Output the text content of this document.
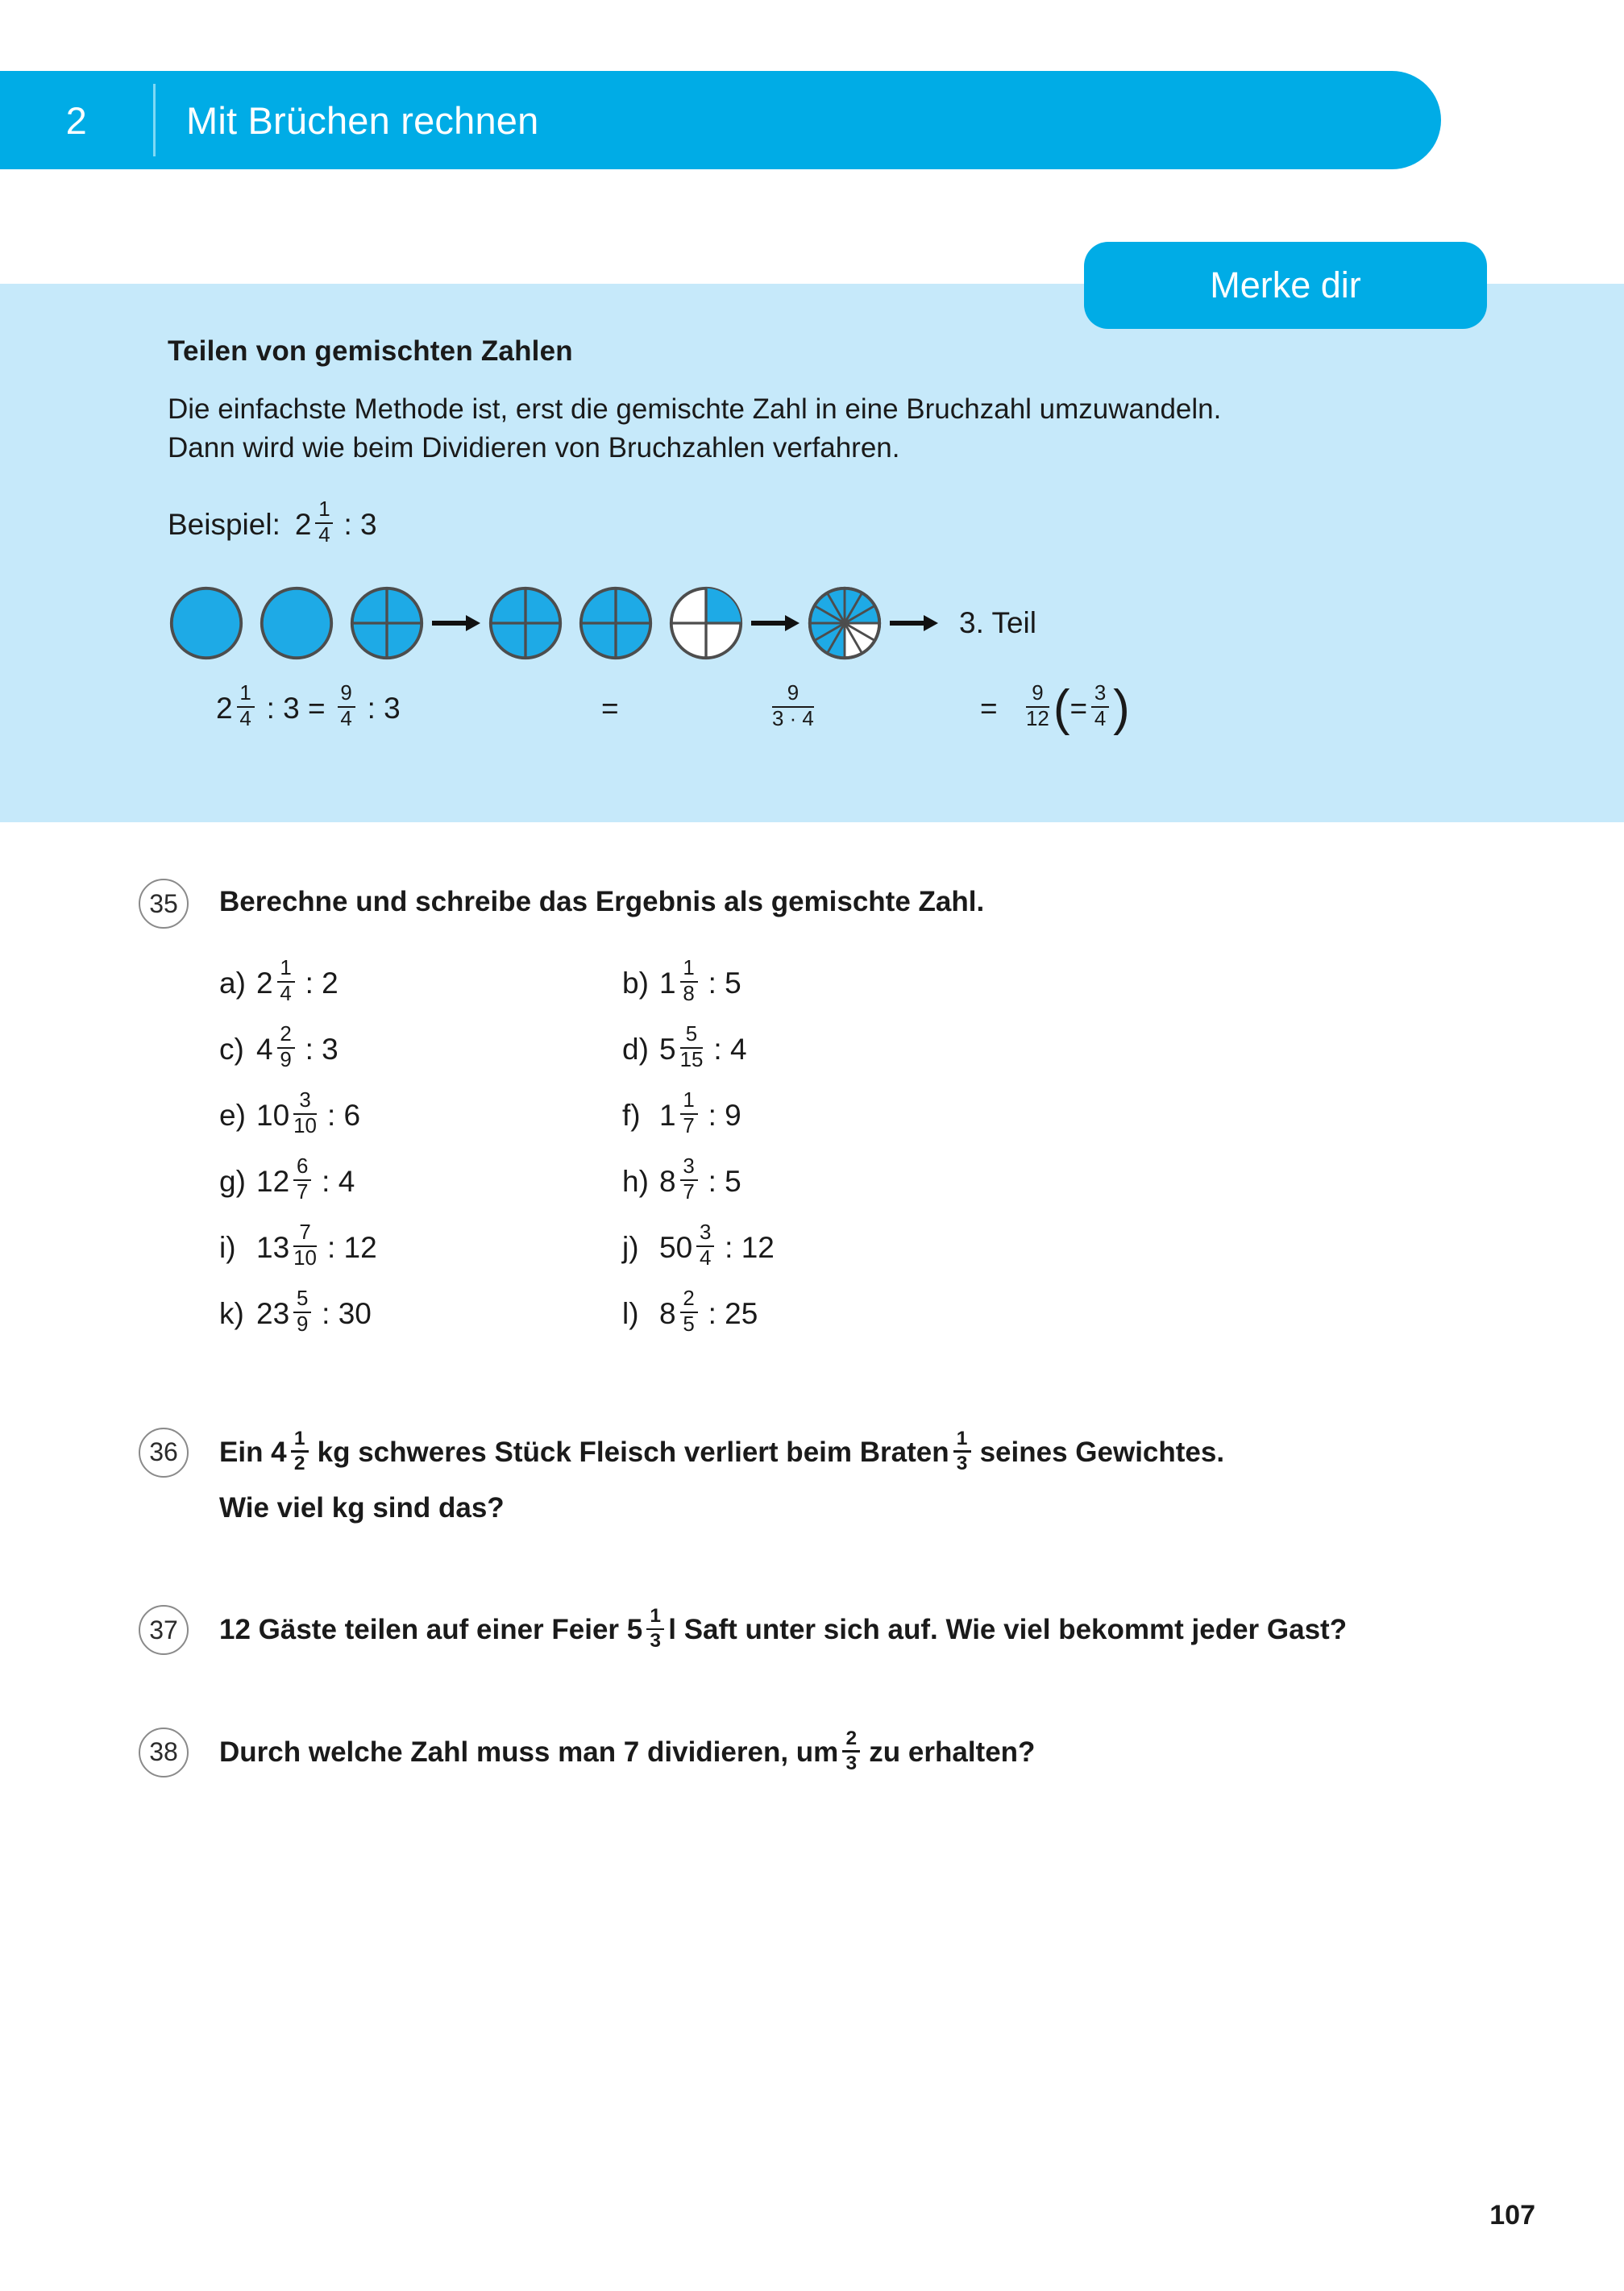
2	Mit Brüchen rechnen
Merke dir
Teilen von gemischten Zahlen
Die einfachste Methode ist, erst die gemischte Zahl in eine Bruchzahl umzuwandeln.
Dann wird wie beim Dividieren von Bruchzahlen verfahren.
Beispiel: $2 \frac{1}{4}$ : 3
3. Teil
$2 \frac{1}{4}$ : $3 = \frac{9}{4}$ : 3	=	$\frac{9}{3 \cdot 4}$	= $\frac{9}{12}$ ( = $\frac{3}{4}$ )
35	Berechne und schreibe das Ergebnis als gemischte Zahl.
a) $2 \frac{1}{4}$ : 2	b) $1 \frac{1}{8}$ : 5
c) $4 \frac{2}{9}$ : 3	d) $5 \frac{5}{15}$ : 4
e) $10 \frac{3}{10}$ : 6	f) $1 \frac{1}{7}$ : 9
g) $12 \frac{6}{7}$ : 4	h) $8 \frac{3}{7}$ : 5
i) $13 \frac{7}{10}$ : 12	j) $50 \frac{3}{4}$ : 12
k) $23 \frac{5}{9}$ : 30	l) $8 \frac{2}{5}$ : 25
36	Ein $4 \frac{1}{2}$ kg schweres Stück Fleisch verliert beim Braten $\frac{1}{3}$ seines Gewichtes.
Wie viel kg sind das?
37	12 Gäste teilen auf einer Feier $5 \frac{1}{3}$ l Saft unter sich auf. Wie viel bekommt jeder Gast?
38	Durch welche Zahl muss man 7 dividieren, um $\frac{2}{3}$ zu erhalten?
107
